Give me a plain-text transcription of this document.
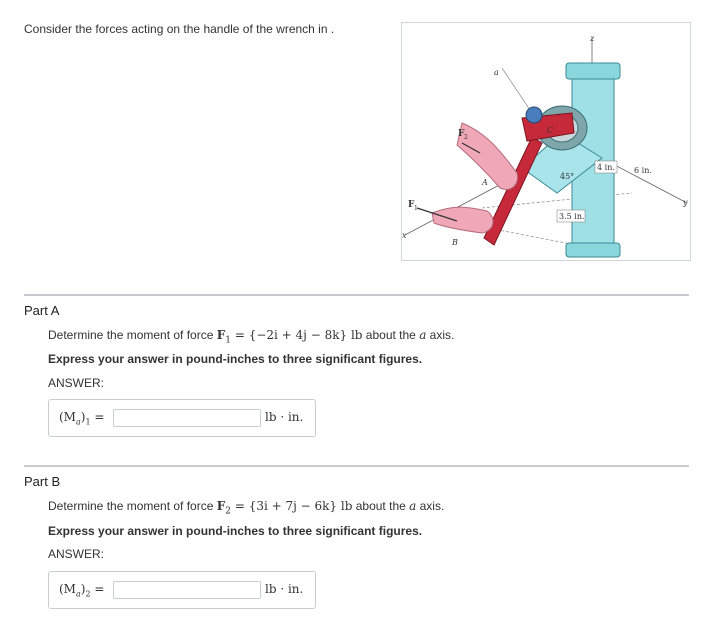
Consider the forces acting on the handle of the wrench in .
z
a
F 2
F 1
x
y
A
B
C
45°
4 in. 6 in.
3.5 in.
Part A
Determine the moment of force $F_1 = \{-2i + 4j - 8k\}$ lb about the a axis.
Express your answer in pound-inches to three significant figures.
ANSWER:
$(M_a)_1$ =	lb · in.
Part B
Determine the moment of force $F_2 = \{3i + 7j - 6k\}$ lb about the a axis.
Express your answer in pound-inches to three significant figures.
ANSWER:
$(M_a)_2$ =	lb · in.
